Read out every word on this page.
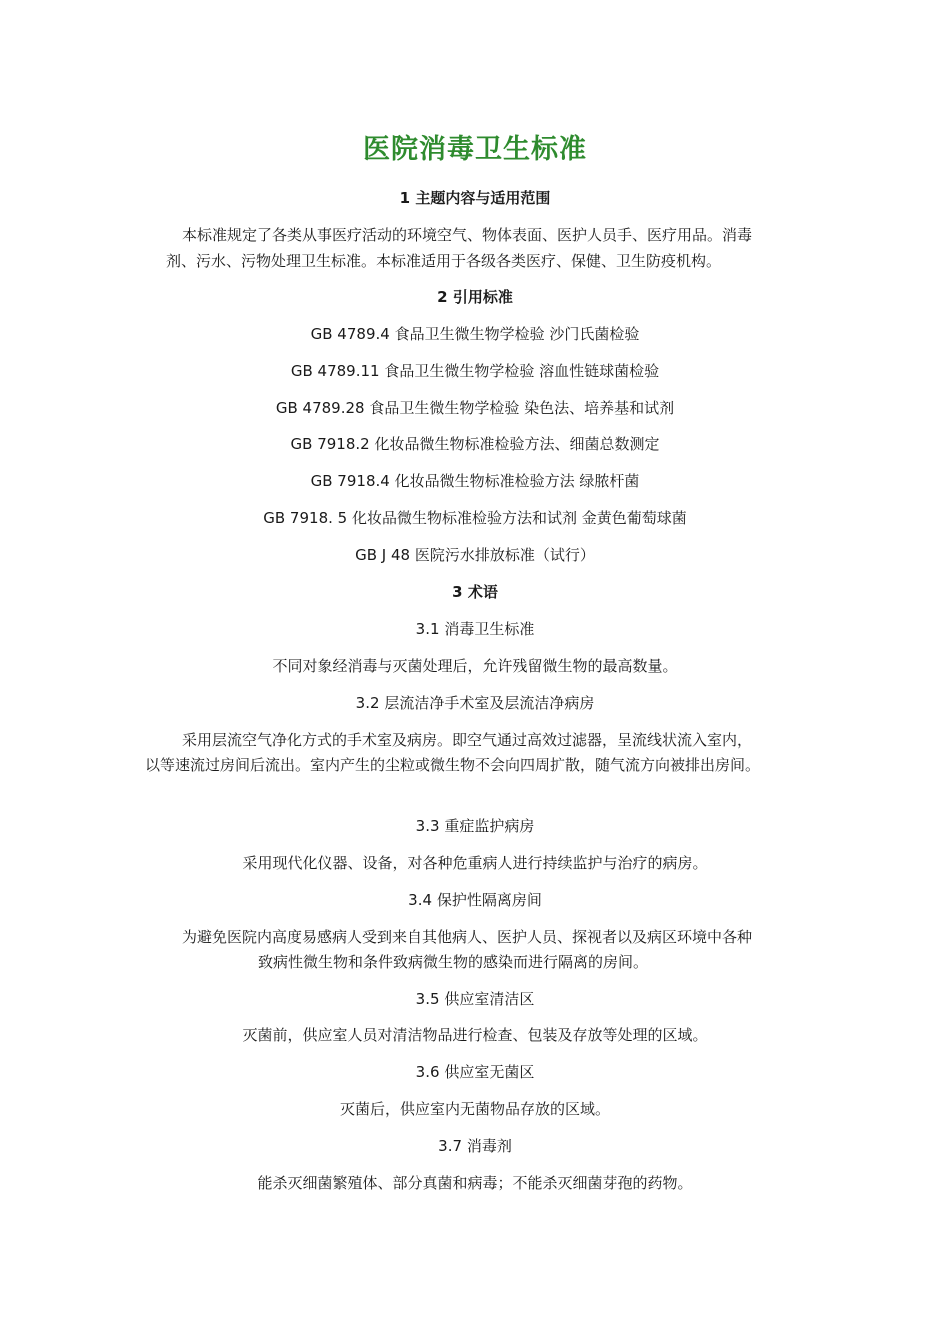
医院消毒卫生标准
1 主题内容与适用范围
本标准规定了各类从事医疗活动的环境空气、物体表面、医护人员手、医疗用品。消毒
剂、污水、污物处理卫生标准。本标准适用于各级各类医疗、保健、卫生防疫机构。
2 引用标准
GB 4789.4 食品卫生微生物学检验 沙门氏菌检验
GB 4789.11 食品卫生微生物学检验 溶血性链球菌检验
GB 4789.28 食品卫生微生物学检验 染色法、培养基和试剂
GB 7918.2 化妆品微生物标准检验方法、细菌总数测定
GB 7918.4 化妆品微生物标准检验方法 绿脓杆菌
GB 7918. 5 化妆品微生物标准检验方法和试剂 金黄色葡萄球菌
GB J 48 医院污水排放标准（试行）
3 术语
3.1 消毒卫生标准
不同对象经消毒与灭菌处理后，允许残留微生物的最高数量。
3.2 层流洁净手术室及层流洁净病房
采用层流空气净化方式的手术室及病房。即空气通过高效过滤器，呈流线状流入室内，
以等速流过房间后流出。室内产生的尘粒或微生物不会向四周扩散，随气流方向被排出房间。
3.3 重症监护病房
采用现代化仪器、设备，对各种危重病人进行持续监护与治疗的病房。
3.4 保护性隔离房间
为避免医院内高度易感病人受到来自其他病人、医护人员、探视者以及病区环境中各种
致病性微生物和条件致病微生物的感染而进行隔离的房间。
3.5 供应室清洁区
灭菌前，供应室人员对清洁物品进行检查、包装及存放等处理的区域。
3.6 供应室无菌区
灭菌后，供应室内无菌物品存放的区域。
3.7 消毒剂
能杀灭细菌繁殖体、部分真菌和病毒；不能杀灭细菌芽孢的药物。
